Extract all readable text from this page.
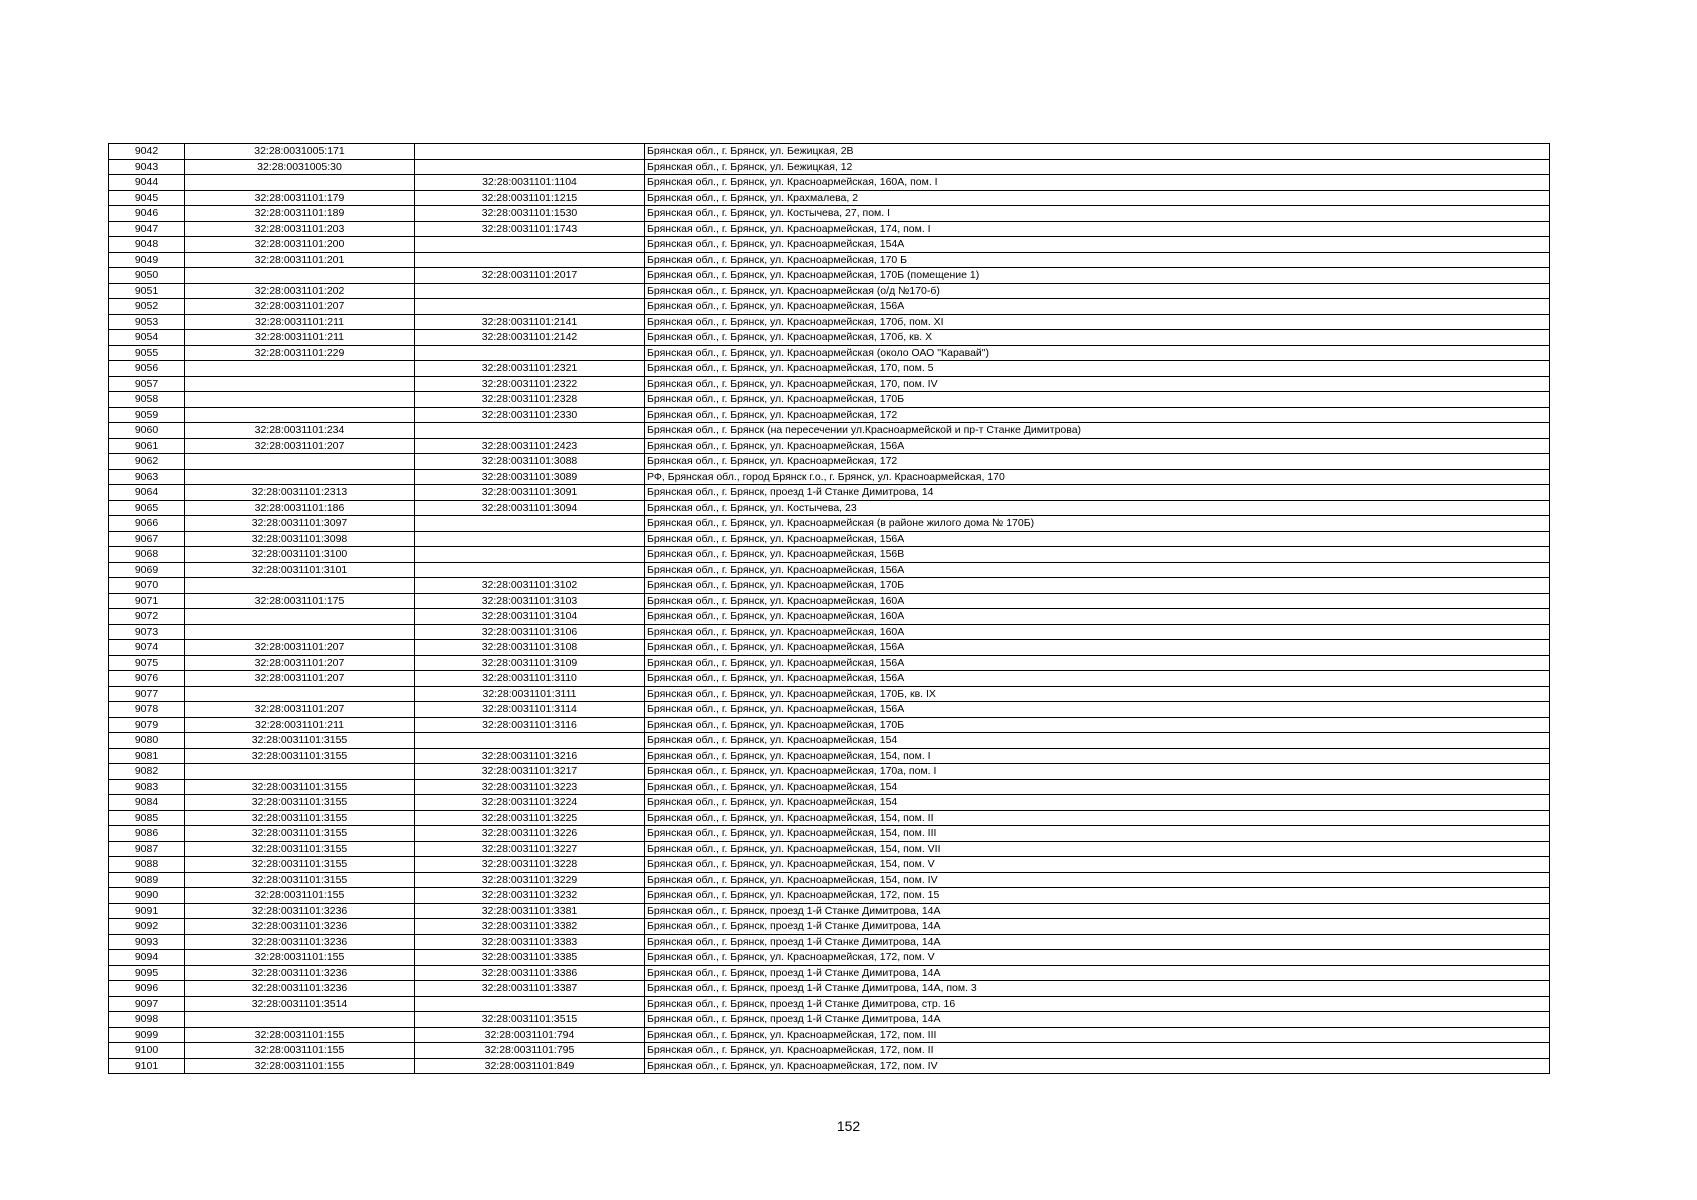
9042	32:28:0031005:171		Брянская обл., г. Брянск, ул. Бежицкая, 2В
9043	32:28:0031005:30		Брянская обл., г. Брянск, ул. Бежицкая, 12
9044		32:28:0031101:1104	Брянская обл., г. Брянск, ул. Красноармейская, 160А, пом. I
9045	32:28:0031101:179	32:28:0031101:1215	Брянская обл., г. Брянск, ул. Крахмалева, 2
9046	32:28:0031101:189	32:28:0031101:1530	Брянская обл., г. Брянск, ул. Костычева, 27, пом. I
9047	32:28:0031101:203	32:28:0031101:1743	Брянская обл., г. Брянск, ул. Красноармейская, 174, пом. I
9048	32:28:0031101:200		Брянская обл., г. Брянск, ул. Красноармейская, 154А
9049	32:28:0031101:201		Брянская обл., г. Брянск, ул. Красноармейская, 170 Б
9050		32:28:0031101:2017	Брянская обл., г. Брянск, ул. Красноармейская, 170Б (помещение 1)
9051	32:28:0031101:202		Брянская обл., г. Брянск, ул. Красноармейская (о/д №170-б)
9052	32:28:0031101:207		Брянская обл., г. Брянск, ул. Красноармейская, 156А
9053	32:28:0031101:211	32:28:0031101:2141	Брянская обл., г. Брянск, ул. Красноармейская, 170б, пом. XI
9054	32:28:0031101:211	32:28:0031101:2142	Брянская обл., г. Брянск, ул. Красноармейская, 170б, кв. X
9055	32:28:0031101:229		Брянская обл., г. Брянск, ул. Красноармейская (около ОАО "Каравай")
9056		32:28:0031101:2321	Брянская обл., г. Брянск, ул. Красноармейская, 170, пом. 5
9057		32:28:0031101:2322	Брянская обл., г. Брянск, ул. Красноармейская, 170, пом. IV
9058		32:28:0031101:2328	Брянская обл., г. Брянск, ул. Красноармейская, 170Б
9059		32:28:0031101:2330	Брянская обл., г. Брянск, ул. Красноармейская, 172
9060	32:28:0031101:234		Брянская обл., г. Брянск (на пересечении ул.Красноармейской и пр-т Станке Димитрова)
9061	32:28:0031101:207	32:28:0031101:2423	Брянская обл., г. Брянск, ул. Красноармейская, 156А
9062		32:28:0031101:3088	Брянская обл., г. Брянск, ул. Красноармейская, 172
9063		32:28:0031101:3089	РФ, Брянская обл., город Брянск г.о., г. Брянск, ул. Красноармейская, 170
9064	32:28:0031101:2313	32:28:0031101:3091	Брянская обл., г. Брянск, проезд 1-й Станке Димитрова, 14
9065	32:28:0031101:186	32:28:0031101:3094	Брянская обл., г. Брянск, ул. Костычева, 23
9066	32:28:0031101:3097		Брянская обл., г. Брянск, ул. Красноармейская (в районе жилого дома № 170Б)
9067	32:28:0031101:3098		Брянская обл., г. Брянск, ул. Красноармейская, 156А
9068	32:28:0031101:3100		Брянская обл., г. Брянск, ул. Красноармейская, 156В
9069	32:28:0031101:3101		Брянская обл., г. Брянск, ул. Красноармейская, 156А
9070		32:28:0031101:3102	Брянская обл., г. Брянск, ул. Красноармейская, 170Б
9071	32:28:0031101:175	32:28:0031101:3103	Брянская обл., г. Брянск, ул. Красноармейская, 160А
9072		32:28:0031101:3104	Брянская обл., г. Брянск, ул. Красноармейская, 160А
9073		32:28:0031101:3106	Брянская обл., г. Брянск, ул. Красноармейская, 160А
9074	32:28:0031101:207	32:28:0031101:3108	Брянская обл., г. Брянск, ул. Красноармейская, 156А
9075	32:28:0031101:207	32:28:0031101:3109	Брянская обл., г. Брянск, ул. Красноармейская, 156А
9076	32:28:0031101:207	32:28:0031101:3110	Брянская обл., г. Брянск, ул. Красноармейская, 156А
9077		32:28:0031101:3111	Брянская обл., г. Брянск, ул. Красноармейская, 170Б, кв. IX
9078	32:28:0031101:207	32:28:0031101:3114	Брянская обл., г. Брянск, ул. Красноармейская, 156А
9079	32:28:0031101:211	32:28:0031101:3116	Брянская обл., г. Брянск, ул. Красноармейская, 170Б
9080	32:28:0031101:3155		Брянская обл., г. Брянск, ул. Красноармейская, 154
9081	32:28:0031101:3155	32:28:0031101:3216	Брянская обл., г. Брянск, ул. Красноармейская, 154, пом. I
9082		32:28:0031101:3217	Брянская обл., г. Брянск, ул. Красноармейская, 170а, пом. I
9083	32:28:0031101:3155	32:28:0031101:3223	Брянская обл., г. Брянск, ул. Красноармейская, 154
9084	32:28:0031101:3155	32:28:0031101:3224	Брянская обл., г. Брянск, ул. Красноармейская, 154
9085	32:28:0031101:3155	32:28:0031101:3225	Брянская обл., г. Брянск, ул. Красноармейская, 154, пом. II
9086	32:28:0031101:3155	32:28:0031101:3226	Брянская обл., г. Брянск, ул. Красноармейская, 154, пом. III
9087	32:28:0031101:3155	32:28:0031101:3227	Брянская обл., г. Брянск, ул. Красноармейская, 154, пом. VII
9088	32:28:0031101:3155	32:28:0031101:3228	Брянская обл., г. Брянск, ул. Красноармейская, 154, пом. V
9089	32:28:0031101:3155	32:28:0031101:3229	Брянская обл., г. Брянск, ул. Красноармейская, 154, пом. IV
9090	32:28:0031101:155	32:28:0031101:3232	Брянская обл., г. Брянск, ул. Красноармейская, 172, пом. 15
9091	32:28:0031101:3236	32:28:0031101:3381	Брянская обл., г. Брянск, проезд 1-й Станке Димитрова, 14А
9092	32:28:0031101:3236	32:28:0031101:3382	Брянская обл., г. Брянск, проезд 1-й Станке Димитрова, 14А
9093	32:28:0031101:3236	32:28:0031101:3383	Брянская обл., г. Брянск, проезд 1-й Станке Димитрова, 14А
9094	32:28:0031101:155	32:28:0031101:3385	Брянская обл., г. Брянск, ул. Красноармейская, 172, пом. V
9095	32:28:0031101:3236	32:28:0031101:3386	Брянская обл., г. Брянск, проезд 1-й Станке Димитрова, 14А
9096	32:28:0031101:3236	32:28:0031101:3387	Брянская обл., г. Брянск, проезд 1-й Станке Димитрова, 14А, пом. 3
9097	32:28:0031101:3514		Брянская обл., г. Брянск, проезд 1-й Станке Димитрова, стр. 16
9098		32:28:0031101:3515	Брянская обл., г. Брянск, проезд 1-й Станке Димитрова, 14А
9099	32:28:0031101:155	32:28:0031101:794	Брянская обл., г. Брянск, ул. Красноармейская, 172, пом. III
9100	32:28:0031101:155	32:28:0031101:795	Брянская обл., г. Брянск, ул. Красноармейская, 172, пом. II
9101	32:28:0031101:155	32:28:0031101:849	Брянская обл., г. Брянск, ул. Красноармейская, 172, пом. IV
152
